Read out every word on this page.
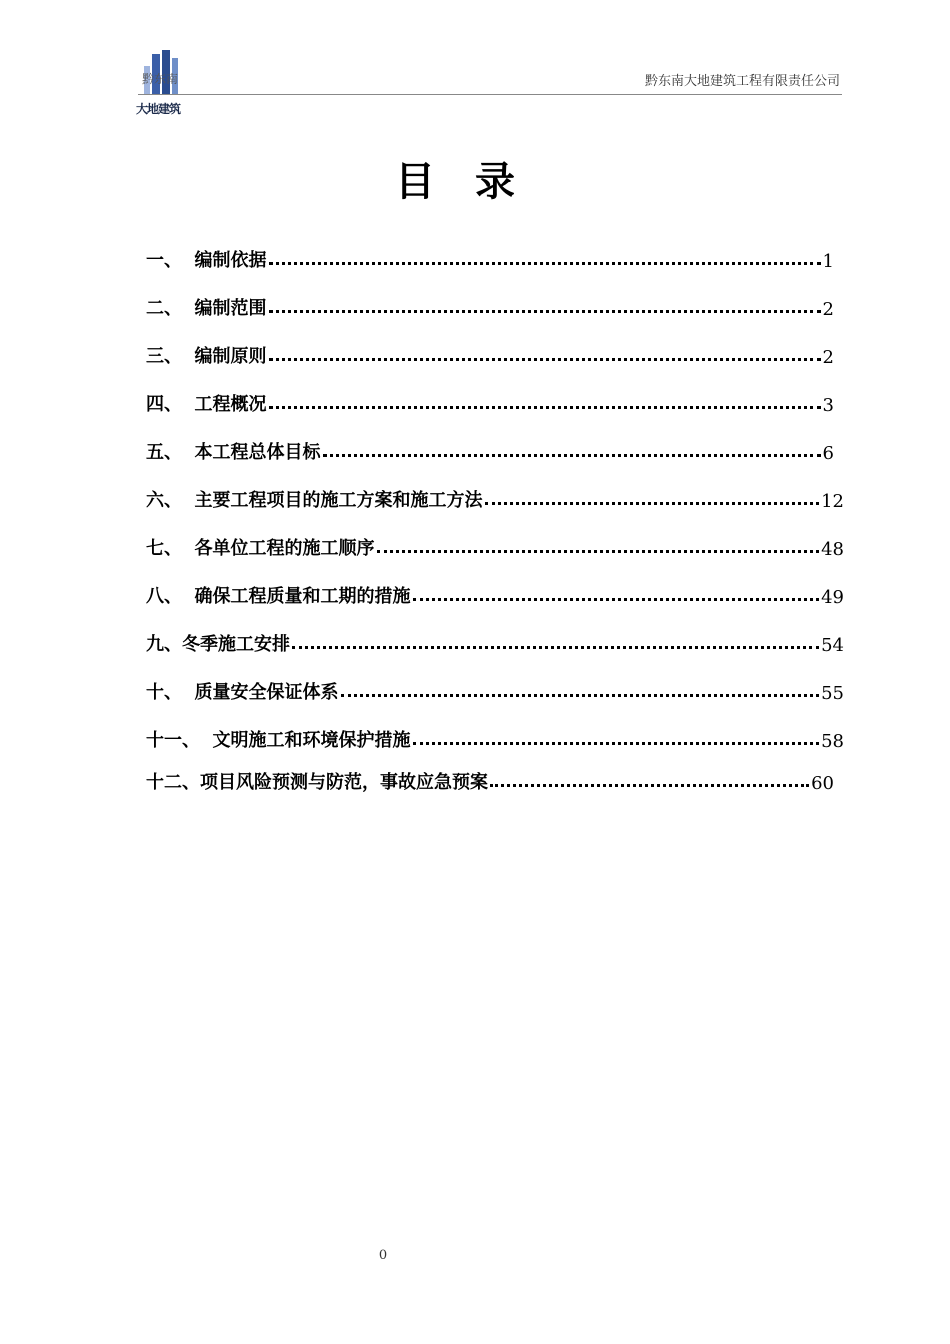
黔东南
大地建筑
黔东南大地建筑工程有限责任公司
目录
一、  编制依据	1
二、  编制范围	2
三、  编制原则	2
四、  工程概况	3
五、  本工程总体目标	6
六、  主要工程项目的施工方案和施工方法	12
七、  各单位工程的施工顺序	48
八、  确保工程质量和工期的措施	49
九、冬季施工安排	54
十、  质量安全保证体系	55
十一、  文明施工和环境保护措施	58
十二、项目风险预测与防范，事故应急预案	60
0
